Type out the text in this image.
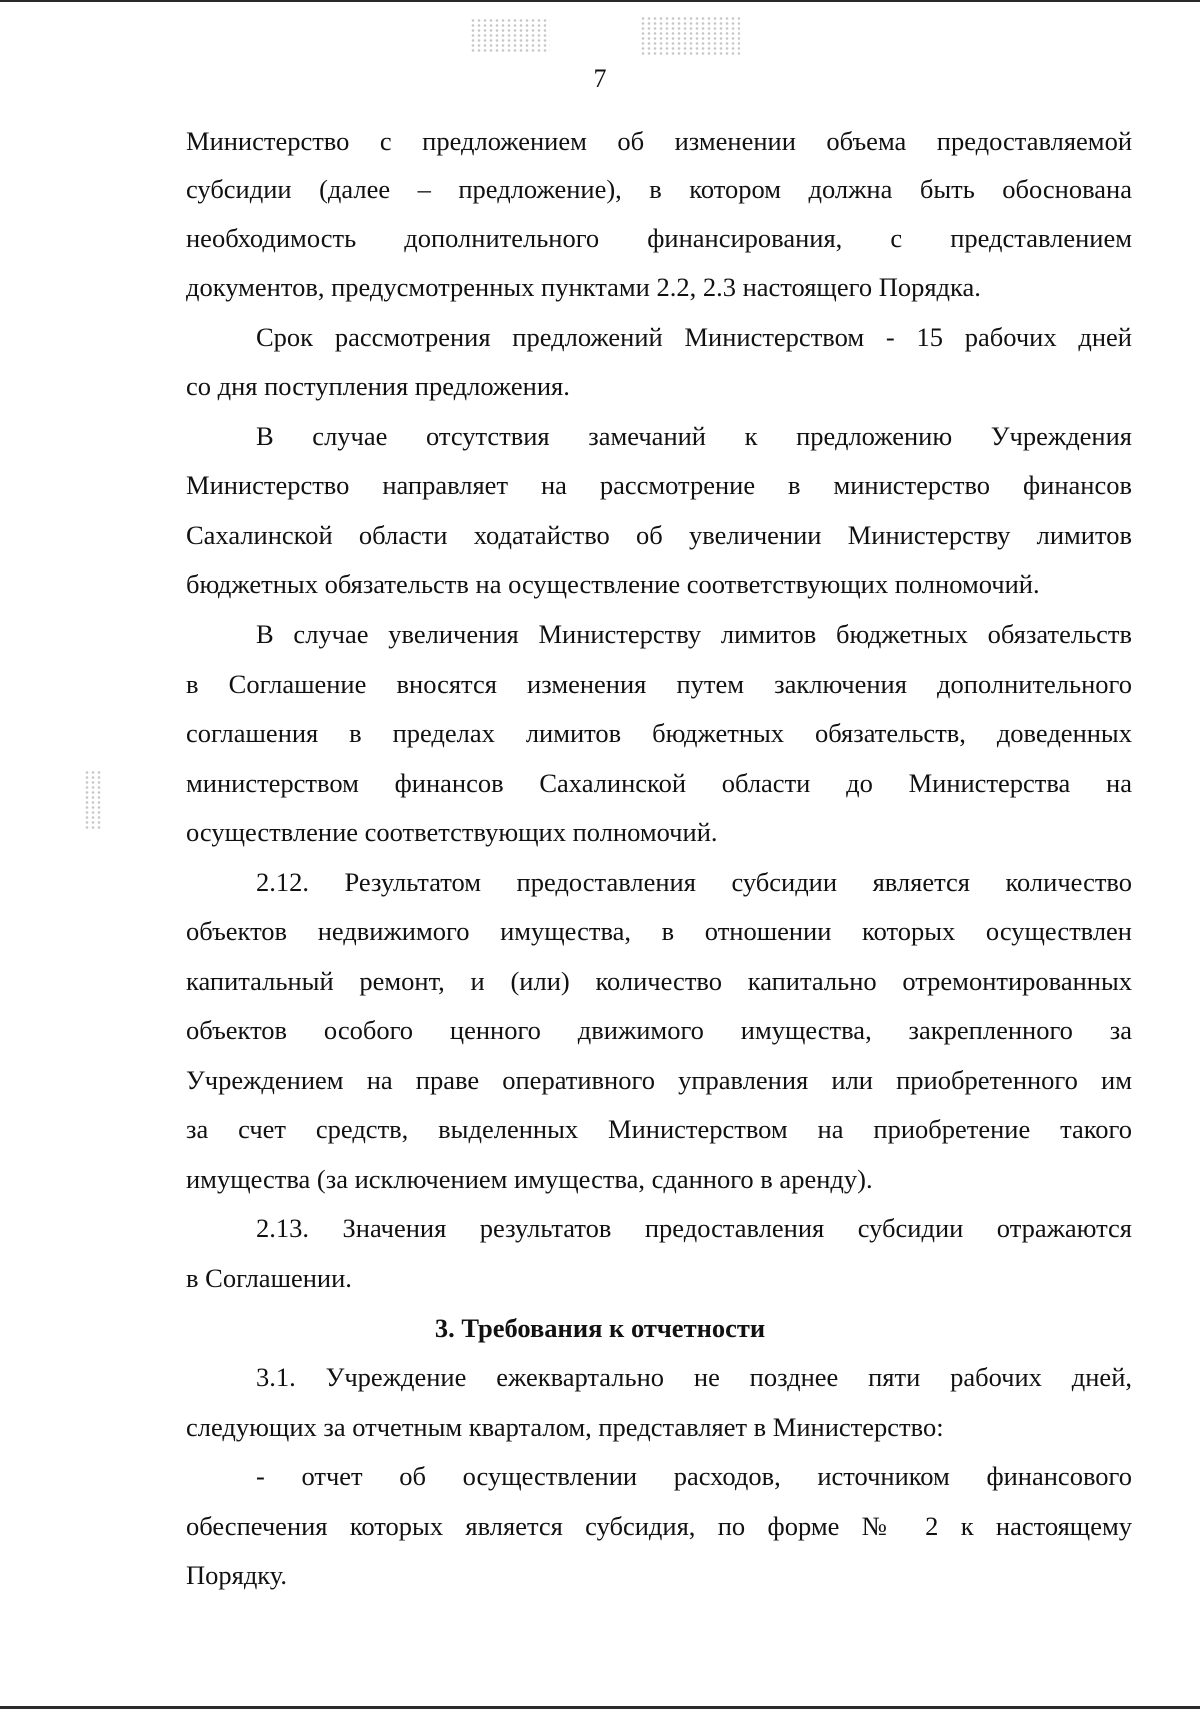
7
Министерство с предложением об изменении объема предоставляемой
субсидии (далее – предложение), в котором должна быть обоснована
необходимость дополнительного финансирования, с представлением
документов, предусмотренных пунктами 2.2, 2.3 настоящего Порядка.
Срок рассмотрения предложений Министерством - 15 рабочих дней
со дня поступления предложения.
В случае отсутствия замечаний к предложению Учреждения
Министерство направляет на рассмотрение в министерство финансов
Сахалинской области ходатайство об увеличении Министерству лимитов
бюджетных обязательств на осуществление соответствующих полномочий.
В случае увеличения Министерству лимитов бюджетных обязательств
в Соглашение вносятся изменения путем заключения дополнительного
соглашения в пределах лимитов бюджетных обязательств, доведенных
министерством финансов Сахалинской области до Министерства на
осуществление соответствующих полномочий.
2.12. Результатом предоставления субсидии является количество
объектов недвижимого имущества, в отношении которых осуществлен
капитальный ремонт, и (или) количество капитально отремонтированных
объектов особого ценного движимого имущества, закрепленного за
Учреждением на праве оперативного управления или приобретенного им
за счет средств, выделенных Министерством на приобретение такого
имущества (за исключением имущества, сданного в аренду).
2.13. Значения результатов предоставления субсидии отражаются
в Соглашении.
3. Требования к отчетности
3.1. Учреждение ежеквартально не позднее пяти рабочих дней,
следующих за отчетным кварталом, представляет в Министерство:
- отчет об осуществлении расходов, источником финансового
обеспечения которых является субсидия, по форме № 2 к настоящему
Порядку.
